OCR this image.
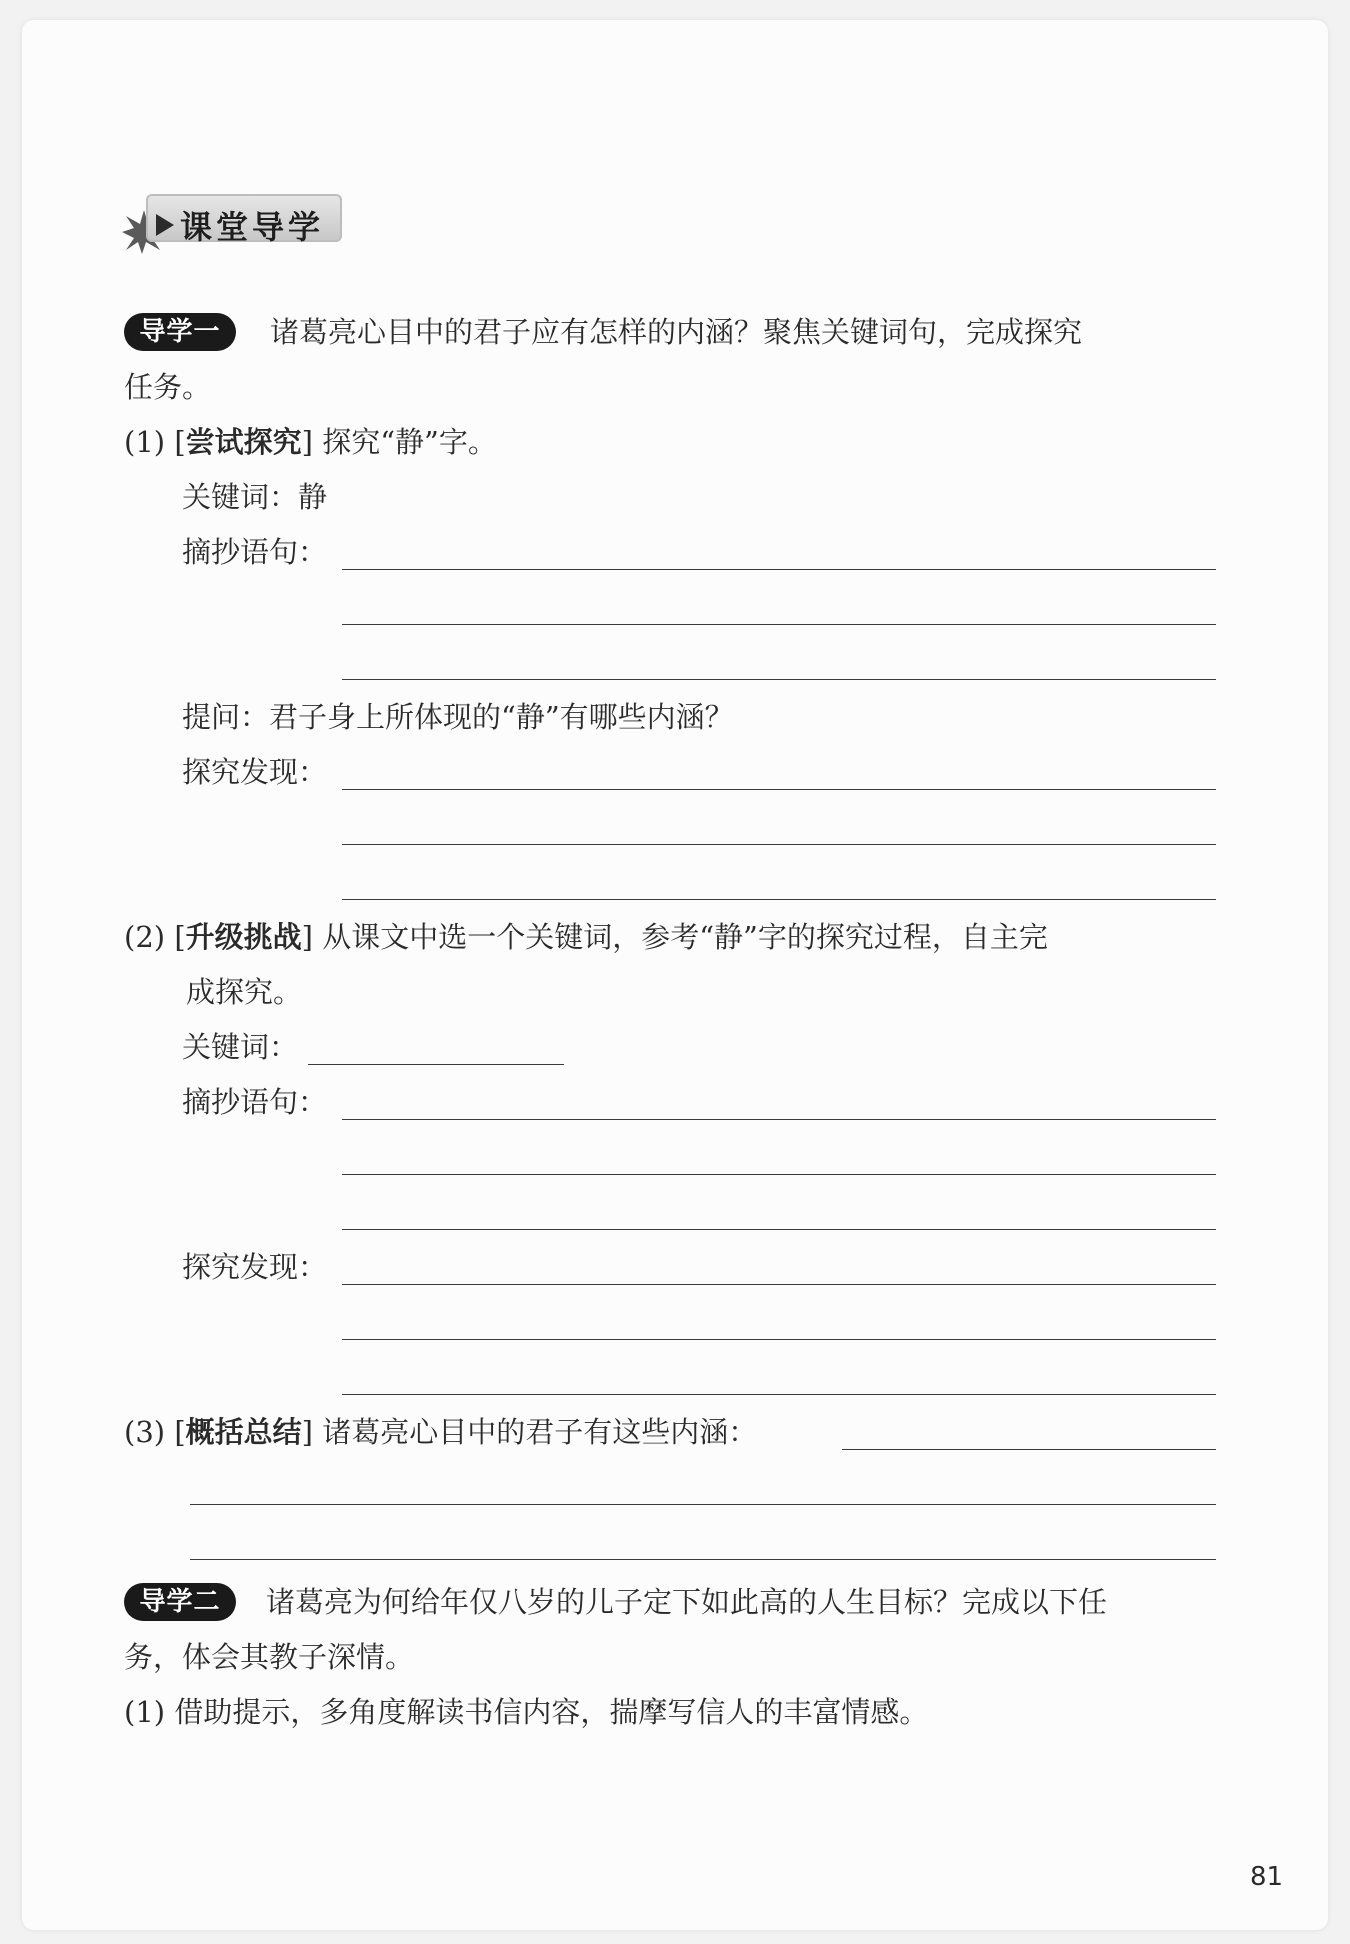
课堂导学
导学一	诸葛亮心目中的君子应有怎样的内涵？聚焦关键词句，完成探究
任务。
(1) [尝试探究] 探究“静”字。
关键词：静
摘抄语句：
提问：君子身上所体现的“静”有哪些内涵？
探究发现：
(2) [升级挑战] 从课文中选一个关键词，参考“静”字的探究过程，自主完
成探究。
关键词：
摘抄语句：
探究发现：
(3) [概括总结] 诸葛亮心目中的君子有这些内涵：
导学二	诸葛亮为何给年仅八岁的儿子定下如此高的人生目标？完成以下任
务，体会其教子深情。
(1) 借助提示，多角度解读书信内容，揣摩写信人的丰富情感。
81
